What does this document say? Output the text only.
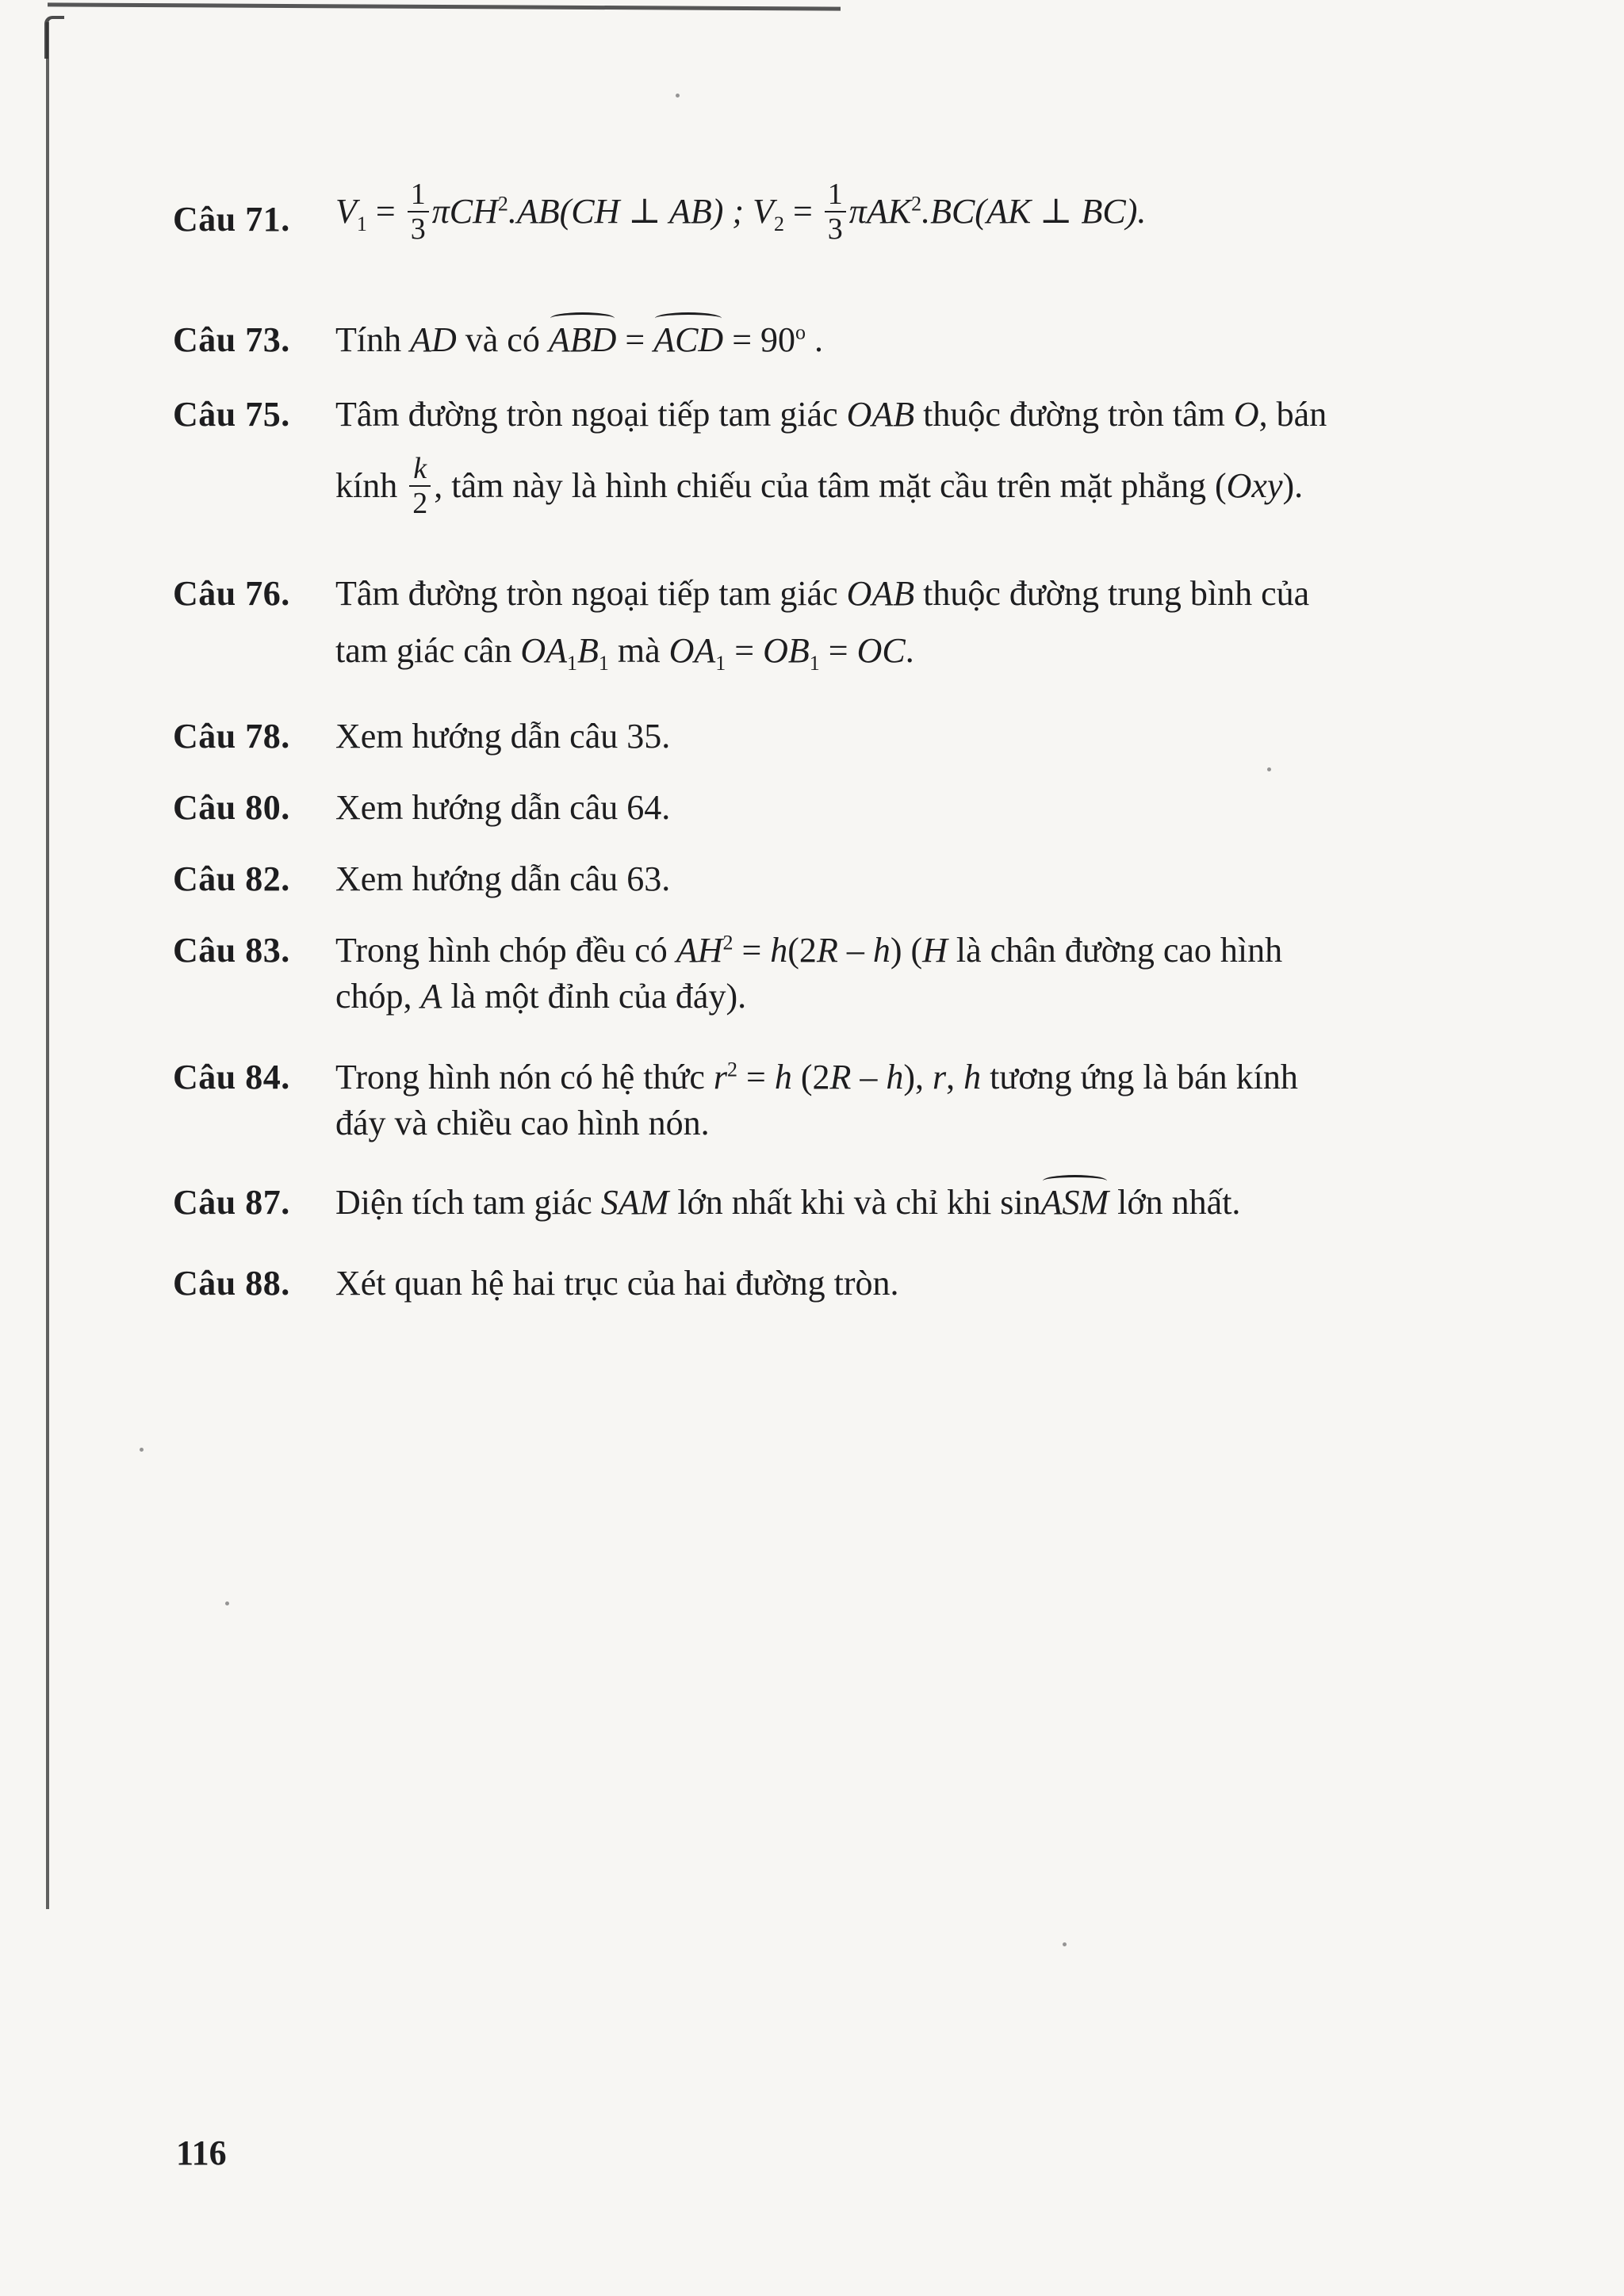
Câu 71.	$V_1 = \frac{1}{3} \pi CH^2.AB(CH$ ⊥ AB) ; $V_2 = \frac{1}{3} \pi AK^2.BC(AK$ ⊥ BC).
Câu 73.	Tính AD và có ABD = ACD = $90^o$ .
Câu 75.	Tâm đường tròn ngoại tiếp tam giác OAB thuộc đường tròn tâm O, bán
kính $\frac{k}{2}$ , tâm này là hình chiếu của tâm mặt cầu trên mặt phẳng (Oxy).
Câu 76.	Tâm đường tròn ngoại tiếp tam giác OAB thuộc đường trung bình của
tam giác cân $OA_1B_1$ mà $OA_1 = OB_1$ = OC.
Câu 78.	Xem hướng dẫn câu 35.
Câu 80.	Xem hướng dẫn câu 64.
Câu 82.	Xem hướng dẫn câu 63.
Câu 83.	Trong hình chóp đều có $AH^2 = h(2R - h)$ (H là chân đường cao hình
chóp, A là một đỉnh của đáy).
Câu 84.	Trong hình nón có hệ thức $r^2 = h$ (2R – h), r, h tương ứng là bán kính
đáy và chiều cao hình nón.
Câu 87.	Diện tích tam giác SAM lớn nhất khi và chỉ khi sinASM lớn nhất.
Câu 88.	Xét quan hệ hai trục của hai đường tròn.
116
